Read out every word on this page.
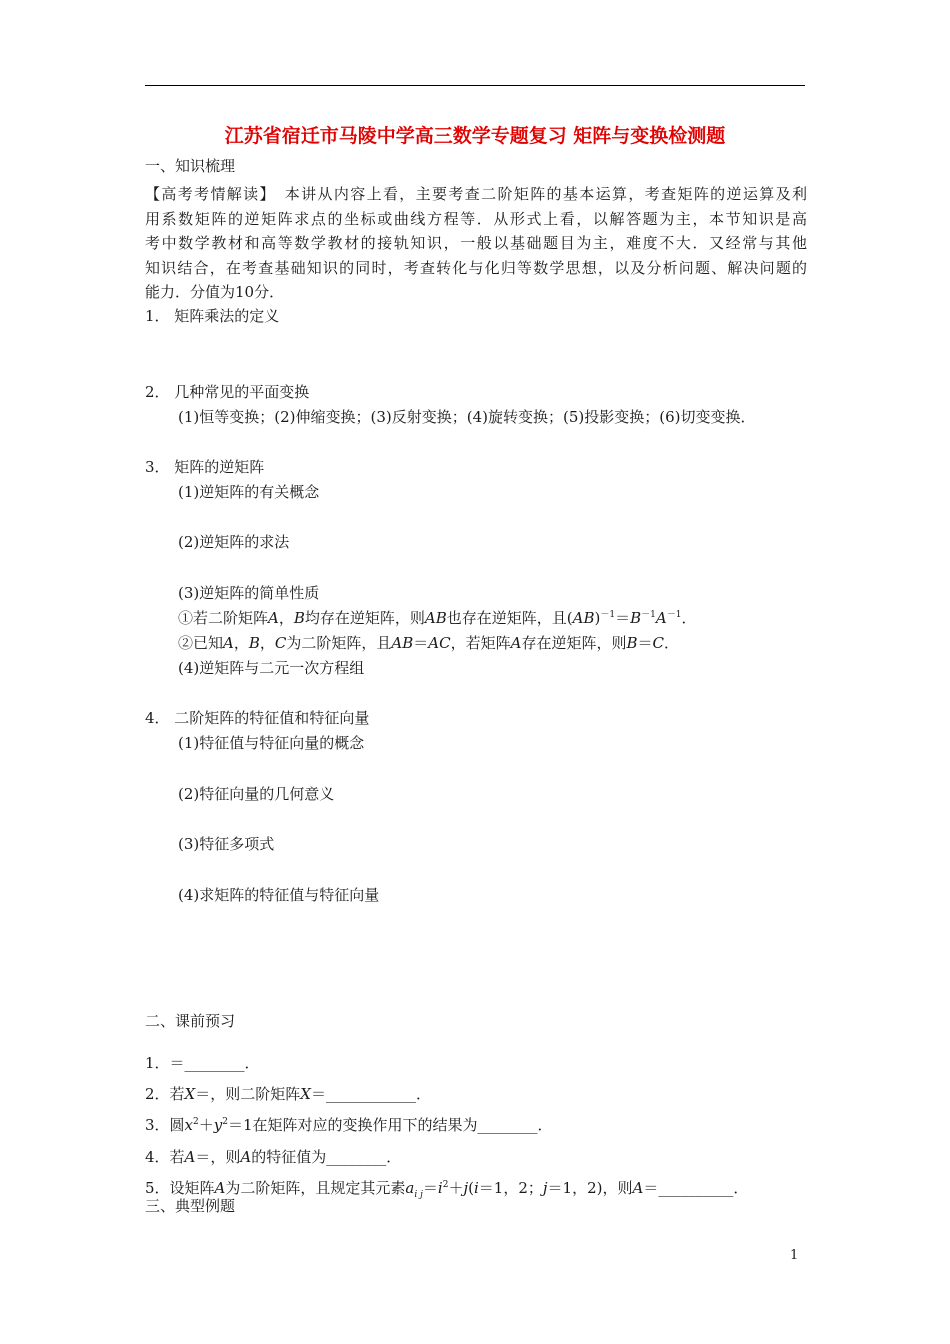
江苏省宿迁市马陵中学高三数学专题复习 矩阵与变换检测题
一、知识梳理
【高考考情解读】  本讲从内容上看，主要考查二阶矩阵的基本运算，考查矩阵的逆运算及利
用系数矩阵的逆矩阵求点的坐标或曲线方程等．从形式上看，以解答题为主，本节知识是高
考中数学教材和高等数学教材的接轨知识，一般以基础题目为主，难度不大．又经常与其他
知识结合，在考查基础知识的同时，考查转化与化归等数学思想，以及分析问题、解决问题的
能力．分值为10分．
1． 矩阵乘法的定义
2． 几种常见的平面变换
(1)恒等变换；(2)伸缩变换；(3)反射变换；(4)旋转变换；(5)投影变换；(6)切变变换．
3． 矩阵的逆矩阵
(1)逆矩阵的有关概念
(2)逆矩阵的求法
(3)逆矩阵的简单性质
①若二阶矩阵A，B均存在逆矩阵，则AB也存在逆矩阵，且$(AB)^{-1}=B^{-1}A^{-1}$．
②已知A，B，C为二阶矩阵，且AB＝AC，若矩阵A存在逆矩阵，则B＝C．
(4)逆矩阵与二元一次方程组
4． 二阶矩阵的特征值和特征向量
(1)特征值与特征向量的概念
(2)特征向量的几何意义
(3)特征多项式
(4)求矩阵的特征值与特征向量
二、课前预习
1．＝________．
2．若X＝，则二阶矩阵X＝____________．
3．圆$x^2+y^2=1$在矩阵对应的变换作用下的结果为________．
4．若A＝，则A的特征值为________．
5．设矩阵A为二阶矩阵，且规定其元素$a_{i j}=i^2+j(i=1$，2；j＝1，2)，则A＝__________．
三、典型例题
1
